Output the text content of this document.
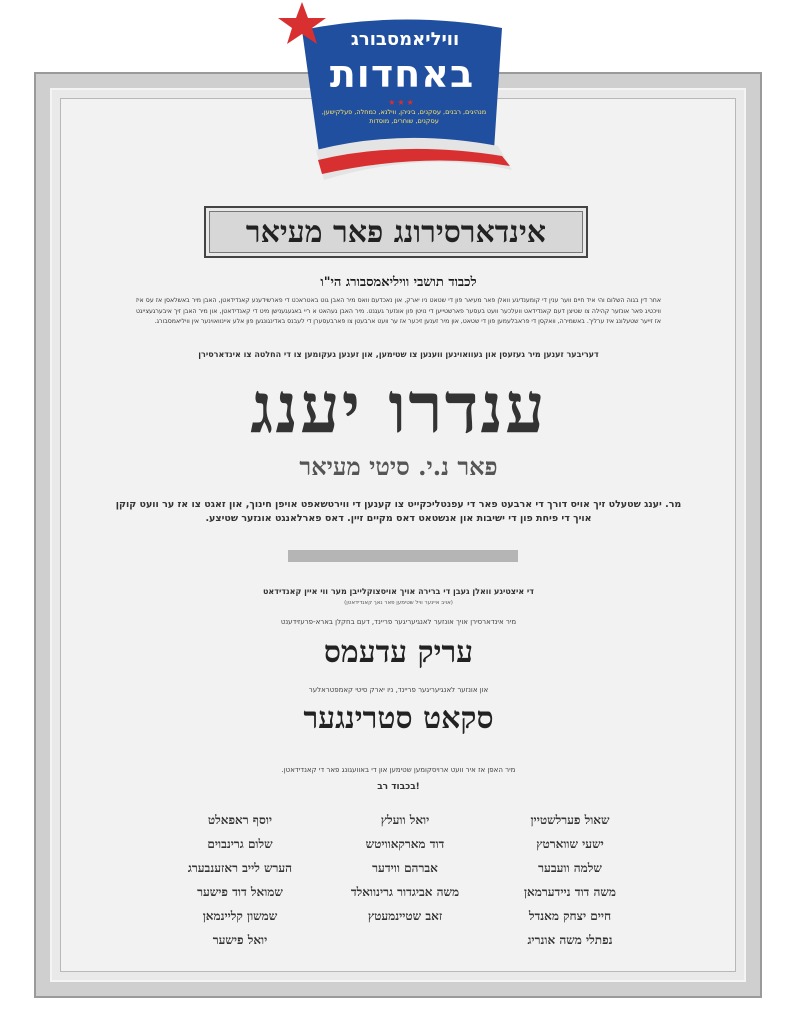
וויליאמסבורג
באחדות
★★★
מנהיגים, רבנים, עסקנים, ביניהן, ווילנא, כמחלה, פעלקישען, עסקנים, שוחרים, מוסדות
אינדארסירונג פאר מעיאר
לכבוד תושבי וויליאמסבורג הי"ו
אחר דין בגוה השלום והי איד חיים ווער ענין די קומענדיגע וואלן פאר מעיאר פון די שטאט ניו יארק, און נאכדעם וואס מיר האבן גוט באטראכט די פארשידענע קאנדידאטן, האבן מיר באשלאסן אז עס איז וויכטיג פאר אונזער קהילה צו שטיצן דעם קאנדידאט וועלכער וועט בעסער פארשטייען די נויטן פון אונזער געגנט. מיר האבן געהאט א ריי באגעגענישן מיט די קאנדידאטן, און מיר האבן זיך איבערגעצייגט אז זייער שטעלונג איז ערליך. באשמירה, וואקסן די פראבלעמען פון די שטאט, און מיר זענען זיכער אז ער וועט ארבעטן צו פארבעסערן די לעבנס באדינגונגען פון אלע איינוואוינער אין וויליאמסבורג.
דעריבער זענען מיר געזעסן און געוואוינען ווענען צו שטימען, און זענען געקומען צו די החלטה צו אינדארסירן
ענדרו יענג
פאר נ.י. סיטי מעיאר
מר. יענג שטעלט זיך אויס דורך די ארבעט פאר די עפנטליכקייט צו קענען די ווירטשאפט אויפן חינוך, און זאגט צו אז ער וועט קוקן אויך די פיחת פון די ישיבות און אנשטאט דאס מקיים זיין. דאס פארלאנגט אונזער שטיצע.
די איצטיגע וואלן געבן די ברירה אויך אויסצוקלייבן מער ווי איין קאנדידאט
(אויב איינער וויל שטימען פאר נאך קאנדידאטן)
מיר אינדארסירן אויך אונזער לאנגיעריגער פריינד, דעם בחקלן בארא-פרעזידענט
עריק עדעמס
און אונזער לאנגיעריגער פריינד, ניו יארק סיטי קאמפטראלער
סקאט סטרינגער
מיר האפן אז איר וועט ארויסקומען שטימען און די באוועגונג פאר די קאנדידאטן.
!בכבוד רב
שאול פערלשטיין
ישעי שווארטץ
שלמה וועבער
משה דוד ניידערמאן
חיים יצחק מאנדל
נפתלי משה אונריג
יואל וועלץ
דוד מארקאוויטש
אברהם ווידער
משה אביגדור גרינוואלד
זאב שטיינמעטץ
יוסף ראפאלט
שלום גרינבוים
הערש לייב ראזענבערג
שמואל דוד פישער
שמשון קליינמאן
יואל פישער
